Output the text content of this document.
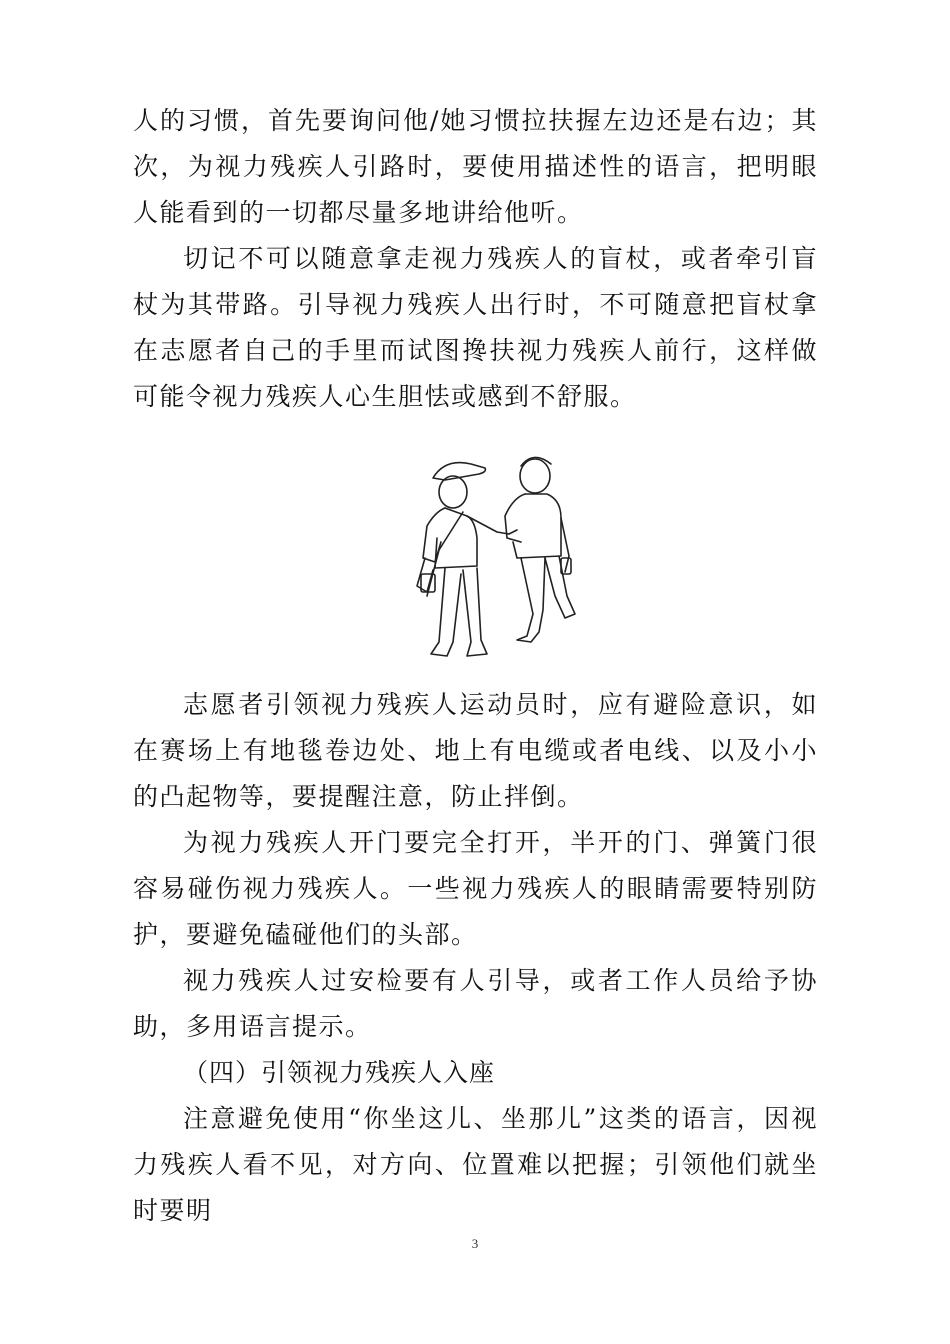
人的习惯，首先要询问他/她习惯拉扶握左边还是右边；其次，为视力残疾人引路时，要使用描述性的语言，把明眼人能看到的一切都尽量多地讲给他听。

切记不可以随意拿走视力残疾人的盲杖，或者牵引盲杖为其带路。引导视力残疾人出行时，不可随意把盲杖拿在志愿者自己的手里而试图搀扶视力残疾人前行，这样做可能令视力残疾人心生胆怯或感到不舒服。

志愿者引领视力残疾人运动员时，应有避险意识，如在赛场上有地毯卷边处、地上有电缆或者电线、以及小小的凸起物等，要提醒注意，防止拌倒。

为视力残疾人开门要完全打开，半开的门、弹簧门很容易碰伤视力残疾人。一些视力残疾人的眼睛需要特别防护，要避免磕碰他们的头部。

视力残疾人过安检要有人引导，或者工作人员给予协助，多用语言提示。

（四）引领视力残疾人入座

注意避免使用“你坐这儿、坐那儿”这类的语言，因视力残疾人看不见，对方向、位置难以把握；引领他们就坐时要明

3
